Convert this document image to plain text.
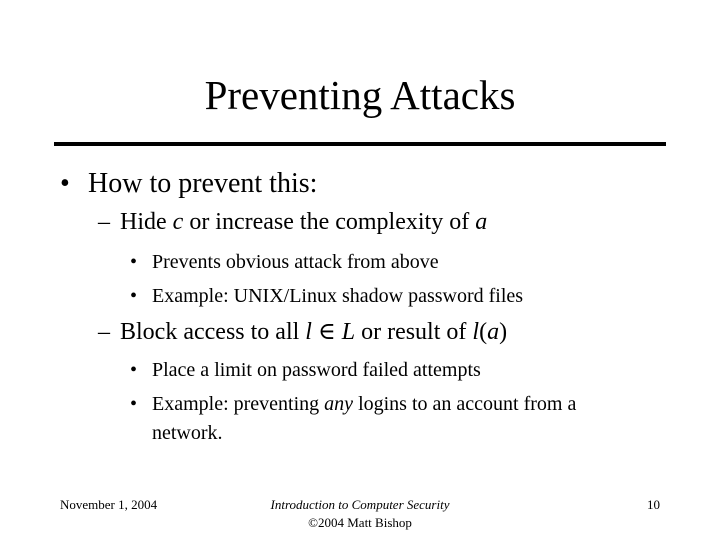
Preventing Attacks
• How to prevent this:
– Hide c or increase the complexity of a
• Prevents obvious attack from above
• Example: UNIX/Linux shadow password files
– Block access to all l ∈ L or result of l(a)
• Place a limit on password failed attempts
• Example: preventing any logins to an account from a
network.
November 1, 2004	Introduction to Computer Security
©2004 Matt Bishop
10
